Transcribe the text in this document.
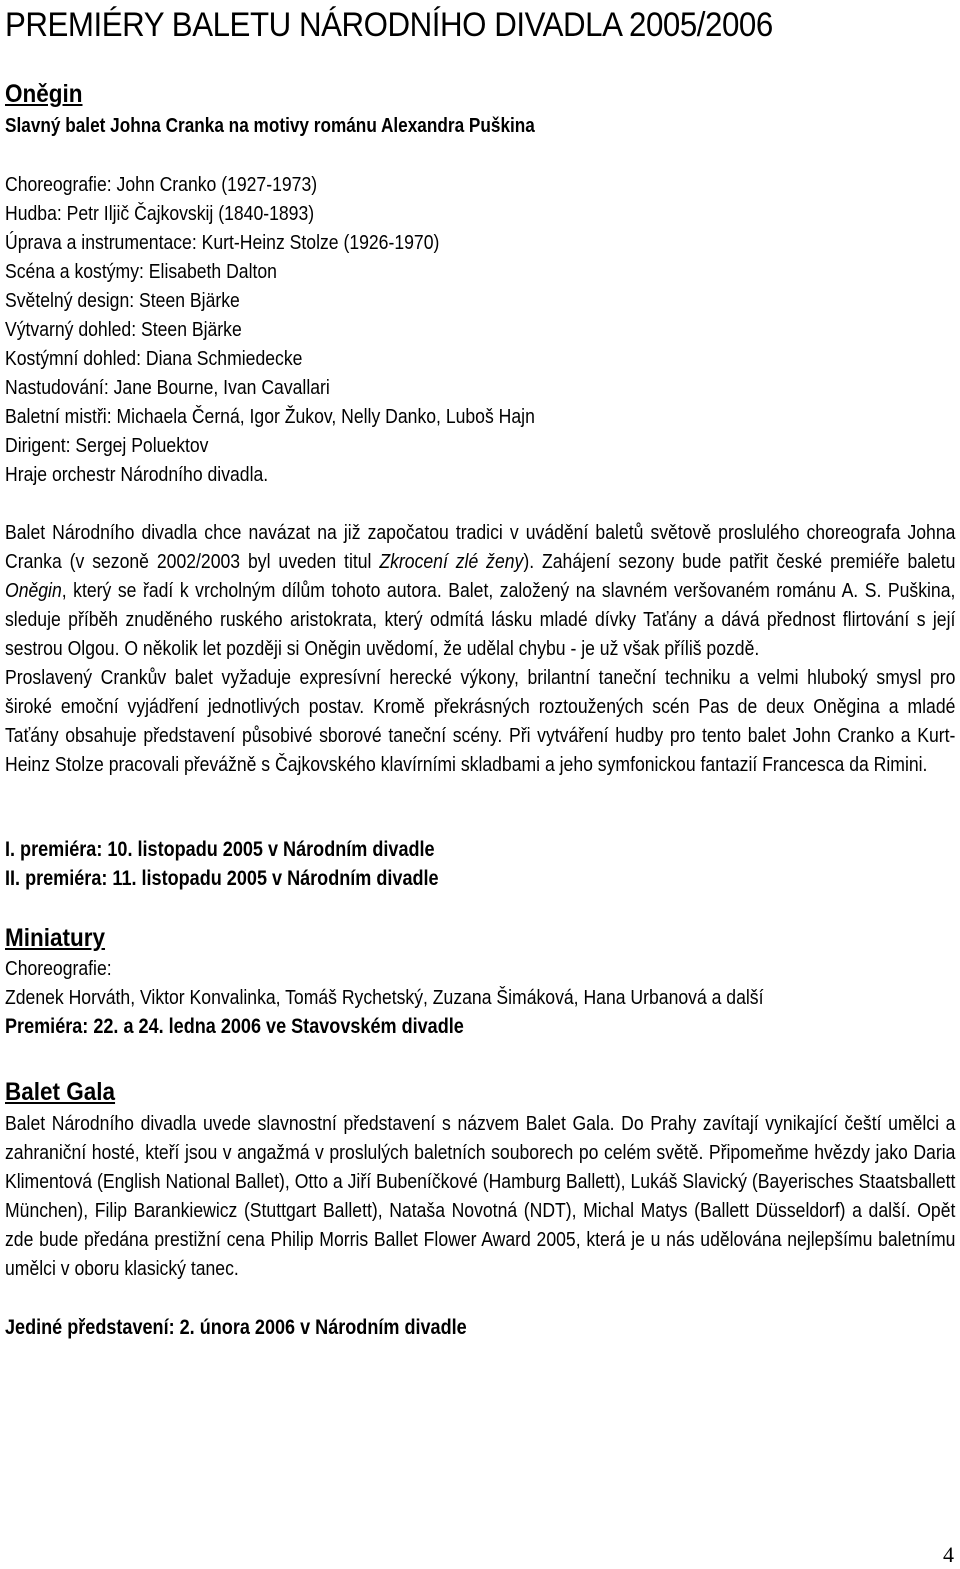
PREMIÉRY BALETU NÁRODNÍHO DIVADLA 2005/2006
Oněgin
Slavný balet Johna Cranka na motivy románu Alexandra Puškina
Choreografie: John Cranko (1927-1973)
Hudba: Petr Iljič Čajkovskij (1840-1893)
Úprava a instrumentace: Kurt-Heinz Stolze (1926-1970)
Scéna a kostýmy: Elisabeth Dalton
Světelný design: Steen Bjärke
Výtvarný dohled: Steen Bjärke
Kostýmní dohled: Diana Schmiedecke
Nastudování: Jane Bourne, Ivan Cavallari
Baletní mistři: Michaela Černá, Igor Žukov, Nelly Danko, Luboš Hajn
Dirigent: Sergej Poluektov
Hraje orchestr Národního divadla.

Balet Národního divadla chce navázat na již započatou tradici v uvádění baletů světově proslulého choreografa Johna Cranka (v sezoně 2002/2003 byl uveden titul Zkrocení zlé ženy). Zahájení sezony bude patřit české premiéře baletu Oněgin, který se řadí k vrcholným dílům tohoto autora. Balet, založený na slavném veršovaném románu A. S. Puškina, sleduje příběh znuděného ruského aristokrata, který odmítá lásku mladé dívky Taťány a dává přednost flirtování s její sestrou Olgou. O několik let později si Oněgin uvědomí, že udělal chybu - je už však příliš pozdě.

Proslavený Crankův balet vyžaduje expresívní herecké výkony, brilantní taneční techniku a velmi hluboký smysl pro široké emoční vyjádření jednotlivých postav. Kromě překrásných roztoužených scén Pas de deux Oněgina a mladé Taťány obsahuje představení působivé sborové taneční scény. Při vytváření hudby pro tento balet John Cranko a Kurt-Heinz Stolze pracovali převážně s Čajkovského klavírními skladbami a jeho symfonickou fantazií Francesca da Rimini.

I. premiéra: 10. listopadu 2005 v Národním divadle
II. premiéra: 11. listopadu 2005 v Národním divadle
Miniatury
Choreografie:
Zdenek Horváth, Viktor Konvalinka, Tomáš Rychetský, Zuzana Šimáková, Hana Urbanová a další
Premiéra: 22. a 24. ledna 2006 ve Stavovském divadle
Balet Gala
Balet Národního divadla uvede slavnostní představení s názvem Balet Gala. Do Prahy zavítají vynikající čeští umělci a zahraniční hosté, kteří jsou v angažmá v proslulých baletních souborech po celém světě. Připomeňme hvězdy jako Daria Klimentová (English National Ballet), Otto a Jiří Bubeníčkové (Hamburg Ballett), Lukáš Slavický (Bayerisches Staatsballett München), Filip Barankiewicz (Stuttgart Ballett), Nataša Novotná (NDT), Michal Matys (Ballett Düsseldorf) a další. Opět zde bude předána prestižní cena Philip Morris Ballet Flower Award 2005, která je u nás udělována nejlepšímu baletnímu umělci v oboru klasický tanec.
Jediné představení: 2. února 2006 v Národním divadle
4
